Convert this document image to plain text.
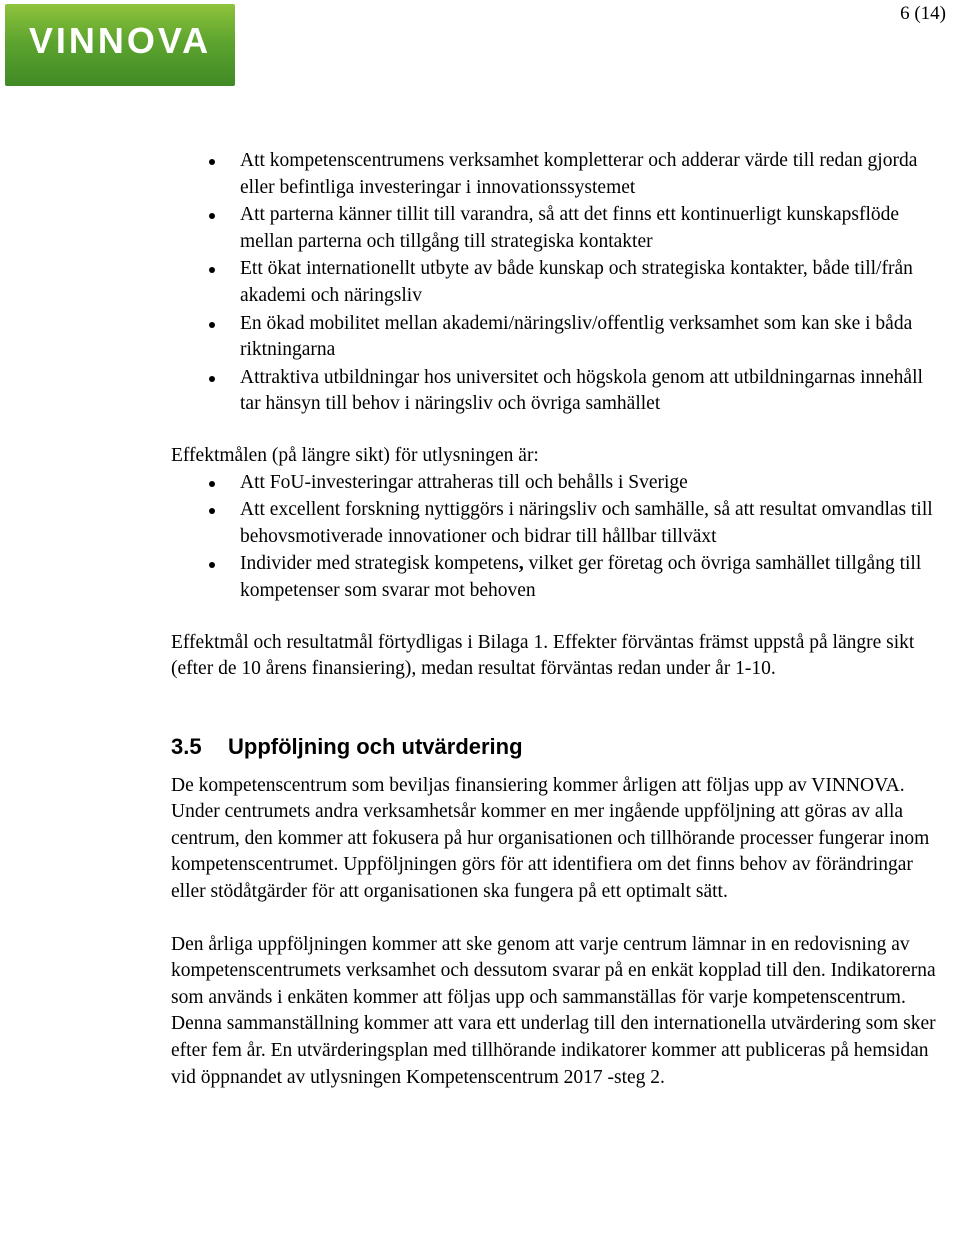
VINNOVA
6 (14)
Att kompetenscentrumens verksamhet kompletterar och adderar värde till redan gjorda eller befintliga investeringar i innovationssystemet
Att parterna känner tillit till varandra, så att det finns ett kontinuerligt kunskapsflöde mellan parterna och tillgång till strategiska kontakter
Ett ökat internationellt utbyte av både kunskap och strategiska kontakter, både till/från akademi och näringsliv
En ökad mobilitet mellan akademi/näringsliv/offentlig verksamhet som kan ske i båda riktningarna
Attraktiva utbildningar hos universitet och högskola genom att utbildningarnas innehåll tar hänsyn till behov i näringsliv och övriga samhället

Effektmålen (på längre sikt) för utlysningen är:

Att FoU-investeringar attraheras till och behålls i Sverige
Att excellent forskning nyttiggörs i näringsliv och samhälle, så att resultat omvandlas till behovsmotiverade innovationer och bidrar till hållbar tillväxt
Individer med strategisk kompetens, vilket ger företag och övriga samhället tillgång till kompetenser som svarar mot behoven

Effektmål och resultatmål förtydligas i Bilaga 1. Effekter förväntas främst uppstå på längre sikt (efter de 10 årens finansiering), medan resultat förväntas redan under år 1-10.

3.5 Uppföljning och utvärdering

De kompetenscentrum som beviljas finansiering kommer årligen att följas upp av VINNOVA. Under centrumets andra verksamhetsår kommer en mer ingående uppföljning att göras av alla centrum, den kommer att fokusera på hur organisationen och tillhörande processer fungerar inom kompetenscentrumet. Uppföljningen görs för att identifiera om det finns behov av förändringar eller stödåtgärder för att organisationen ska fungera på ett optimalt sätt.

Den årliga uppföljningen kommer att ske genom att varje centrum lämnar in en redovisning av kompetenscentrumets verksamhet och dessutom svarar på en enkät kopplad till den. Indikatorerna som används i enkäten kommer att följas upp och sammanställas för varje kompetenscentrum. Denna sammanställning kommer att vara ett underlag till den internationella utvärdering som sker efter fem år. En utvärderingsplan med tillhörande indikatorer kommer att publiceras på hemsidan vid öppnandet av utlysningen Kompetenscentrum 2017 -steg 2.
